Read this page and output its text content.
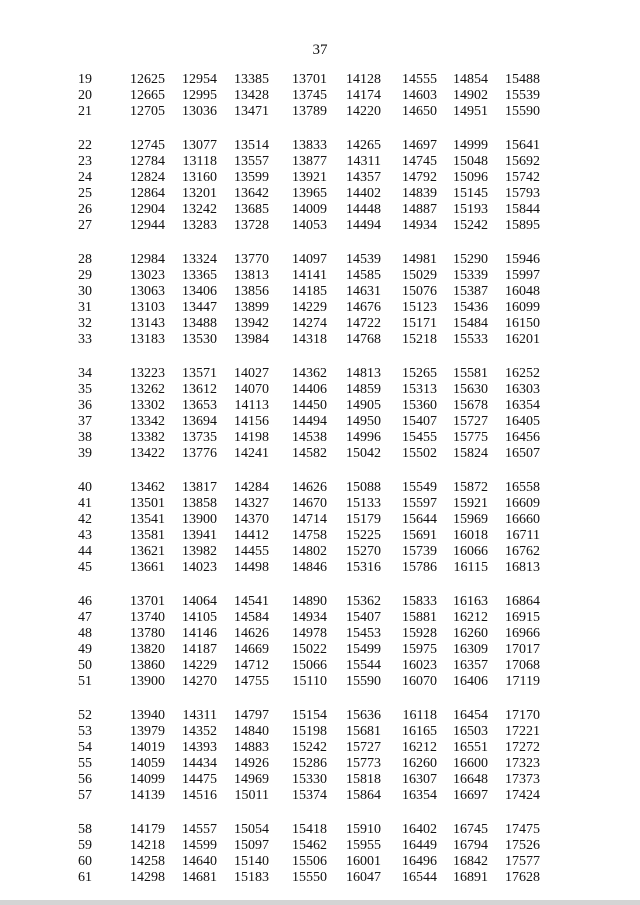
37
19	12625	12954	13385	13701	14128	14555	14854	15488
20	12665	12995	13428	13745	14174	14603	14902	15539
21	12705	13036	13471	13789	14220	14650	14951	15590

22	12745	13077	13514	13833	14265	14697	14999	15641
23	12784	13118	13557	13877	14311	14745	15048	15692
24	12824	13160	13599	13921	14357	14792	15096	15742
25	12864	13201	13642	13965	14402	14839	15145	15793
26	12904	13242	13685	14009	14448	14887	15193	15844
27	12944	13283	13728	14053	14494	14934	15242	15895

28	12984	13324	13770	14097	14539	14981	15290	15946
29	13023	13365	13813	14141	14585	15029	15339	15997
30	13063	13406	13856	14185	14631	15076	15387	16048
31	13103	13447	13899	14229	14676	15123	15436	16099
32	13143	13488	13942	14274	14722	15171	15484	16150
33	13183	13530	13984	14318	14768	15218	15533	16201

34	13223	13571	14027	14362	14813	15265	15581	16252
35	13262	13612	14070	14406	14859	15313	15630	16303
36	13302	13653	14113	14450	14905	15360	15678	16354
37	13342	13694	14156	14494	14950	15407	15727	16405
38	13382	13735	14198	14538	14996	15455	15775	16456
39	13422	13776	14241	14582	15042	15502	15824	16507

40	13462	13817	14284	14626	15088	15549	15872	16558
41	13501	13858	14327	14670	15133	15597	15921	16609
42	13541	13900	14370	14714	15179	15644	15969	16660
43	13581	13941	14412	14758	15225	15691	16018	16711
44	13621	13982	14455	14802	15270	15739	16066	16762
45	13661	14023	14498	14846	15316	15786	16115	16813

46	13701	14064	14541	14890	15362	15833	16163	16864
47	13740	14105	14584	14934	15407	15881	16212	16915
48	13780	14146	14626	14978	15453	15928	16260	16966
49	13820	14187	14669	15022	15499	15975	16309	17017
50	13860	14229	14712	15066	15544	16023	16357	17068
51	13900	14270	14755	15110	15590	16070	16406	17119

52	13940	14311	14797	15154	15636	16118	16454	17170
53	13979	14352	14840	15198	15681	16165	16503	17221
54	14019	14393	14883	15242	15727	16212	16551	17272
55	14059	14434	14926	15286	15773	16260	16600	17323
56	14099	14475	14969	15330	15818	16307	16648	17373
57	14139	14516	15011	15374	15864	16354	16697	17424

58	14179	14557	15054	15418	15910	16402	16745	17475
59	14218	14599	15097	15462	15955	16449	16794	17526
60	14258	14640	15140	15506	16001	16496	16842	17577
61	14298	14681	15183	15550	16047	16544	16891	17628
